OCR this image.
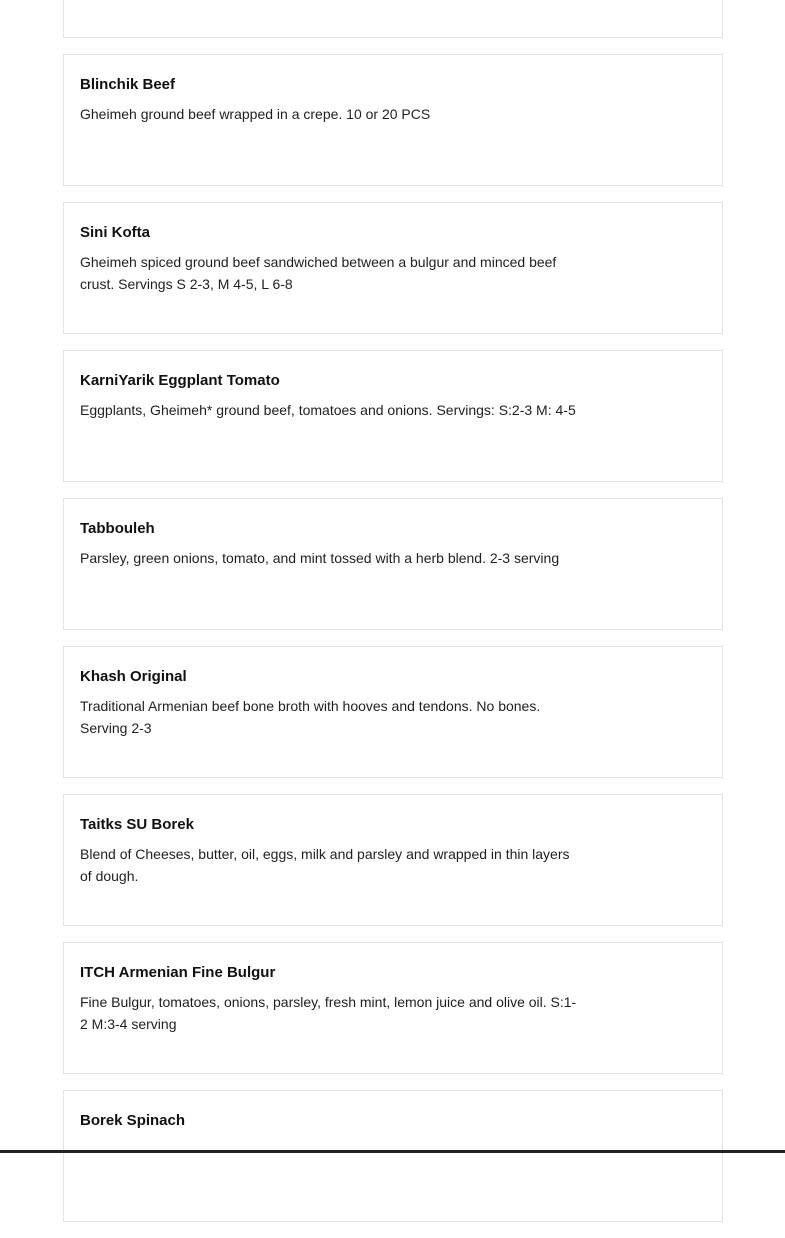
Blinchik Beef

Gheimeh ground beef wrapped in a crepe. 10 or 20 PCS

Sini Kofta

Gheimeh spiced ground beef sandwiched between a bulgur and minced beef crust. Servings S 2-3, M 4-5, L 6-8

KarniYarik Eggplant Tomato

Eggplants, Gheimeh* ground beef, tomatoes and onions. Servings: S:2-3 M: 4-5

Tabbouleh

Parsley, green onions, tomato, and mint tossed with a herb blend. 2-3 serving

Khash Original

Traditional Armenian beef bone broth with hooves and tendons. No bones. Serving 2-3

Taitks SU Borek

Blend of Cheeses, butter, oil, eggs, milk and parsley and wrapped in thin layers of dough.

ITCH Armenian Fine Bulgur

Fine Bulgur, tomatoes, onions, parsley, fresh mint, lemon juice and olive oil. S:1-2 M:3-4 serving

Borek Spinach
